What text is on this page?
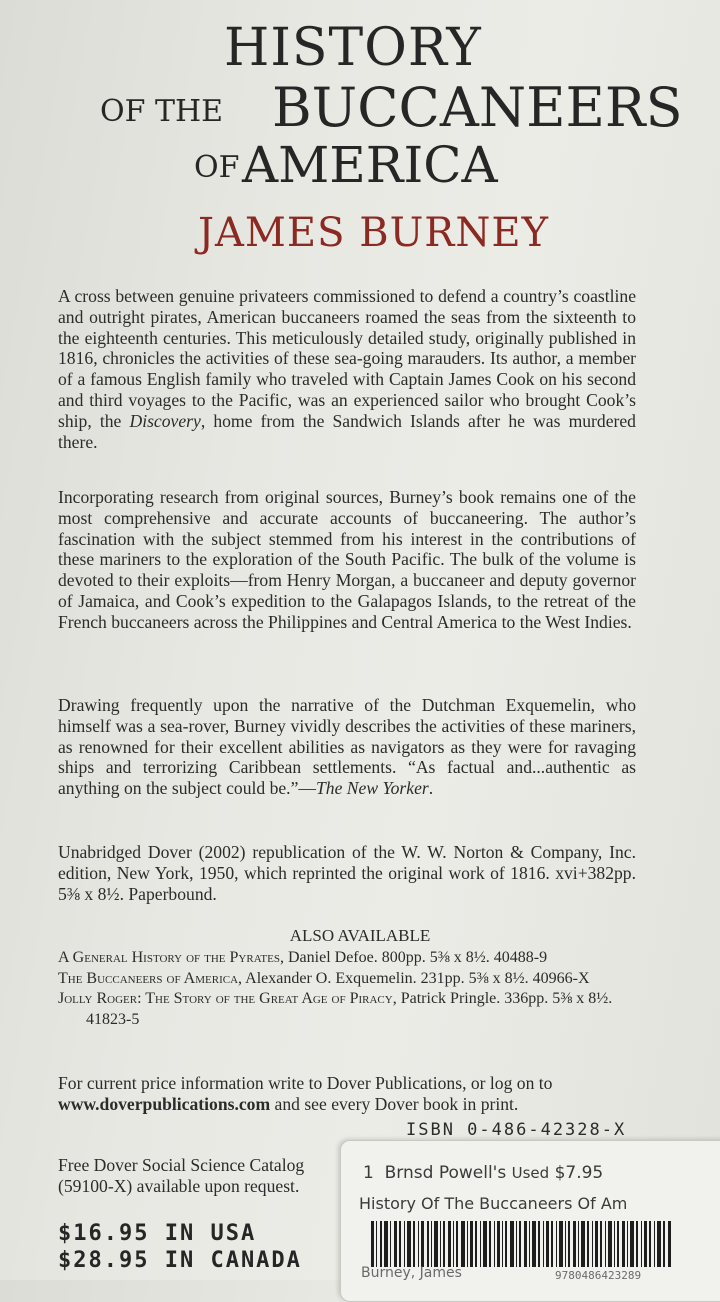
HISTORY
OF THE BUCCANEERS
OF AMERICA
JAMES BURNEY
A cross between genuine privateers commissioned to defend a country’s coastline and outright pirates, American buccaneers roamed the seas from the sixteenth to the eighteenth centuries. This meticulously detailed study, originally published in 1816, chronicles the activities of these sea-going marauders. Its author, a member of a famous English family who traveled with Captain James Cook on his second and third voyages to the Pacific, was an experienced sailor who brought Cook’s ship, the Discovery, home from the Sandwich Islands after he was murdered there.
Incorporating research from original sources, Burney’s book remains one of the most comprehensive and accurate accounts of buccaneering. The author’s fascination with the subject stemmed from his interest in the contributions of these mariners to the exploration of the South Pacific. The bulk of the volume is devoted to their exploits—from Henry Morgan, a buccaneer and deputy governor of Jamaica, and Cook’s expedition to the Galapagos Islands, to the retreat of the French buccaneers across the Philippines and Central America to the West Indies.
Drawing frequently upon the narrative of the Dutchman Exquemelin, who himself was a sea-rover, Burney vividly describes the activities of these mariners, as renowned for their excellent abilities as navigators as they were for ravaging ships and terrorizing Caribbean settlements. “As factual and...authentic as anything on the subject could be.”—The New Yorker.
Unabridged Dover (2002) republication of the W. W. Norton & Company, Inc. edition, New York, 1950, which reprinted the original work of 1816. xvi+382pp. 5⅜ x 8½. Paperbound.
ALSO AVAILABLE
A General History of the Pyrates, Daniel Defoe. 800pp. 5⅜ x 8½. 40488-9
The Buccaneers of America, Alexander O. Exquemelin. 231pp. 5⅜ x 8½. 40966-X
Jolly Roger: The Story of the Great Age of Piracy, Patrick Pringle. 336pp. 5⅜ x 8½. 41823-5
For current price information write to Dover Publications, or log on to www.doverpublications.com and see every Dover book in print.
ISBN 0-486-42328-X
Free Dover Social Science Catalog (59100-X) available upon request.
$16.95 IN USA
$28.95 IN CANADA
1 Brnsd Powell's Used $7.95
History Of The Buccaneers Of Am
Burney, James	9780486423289
